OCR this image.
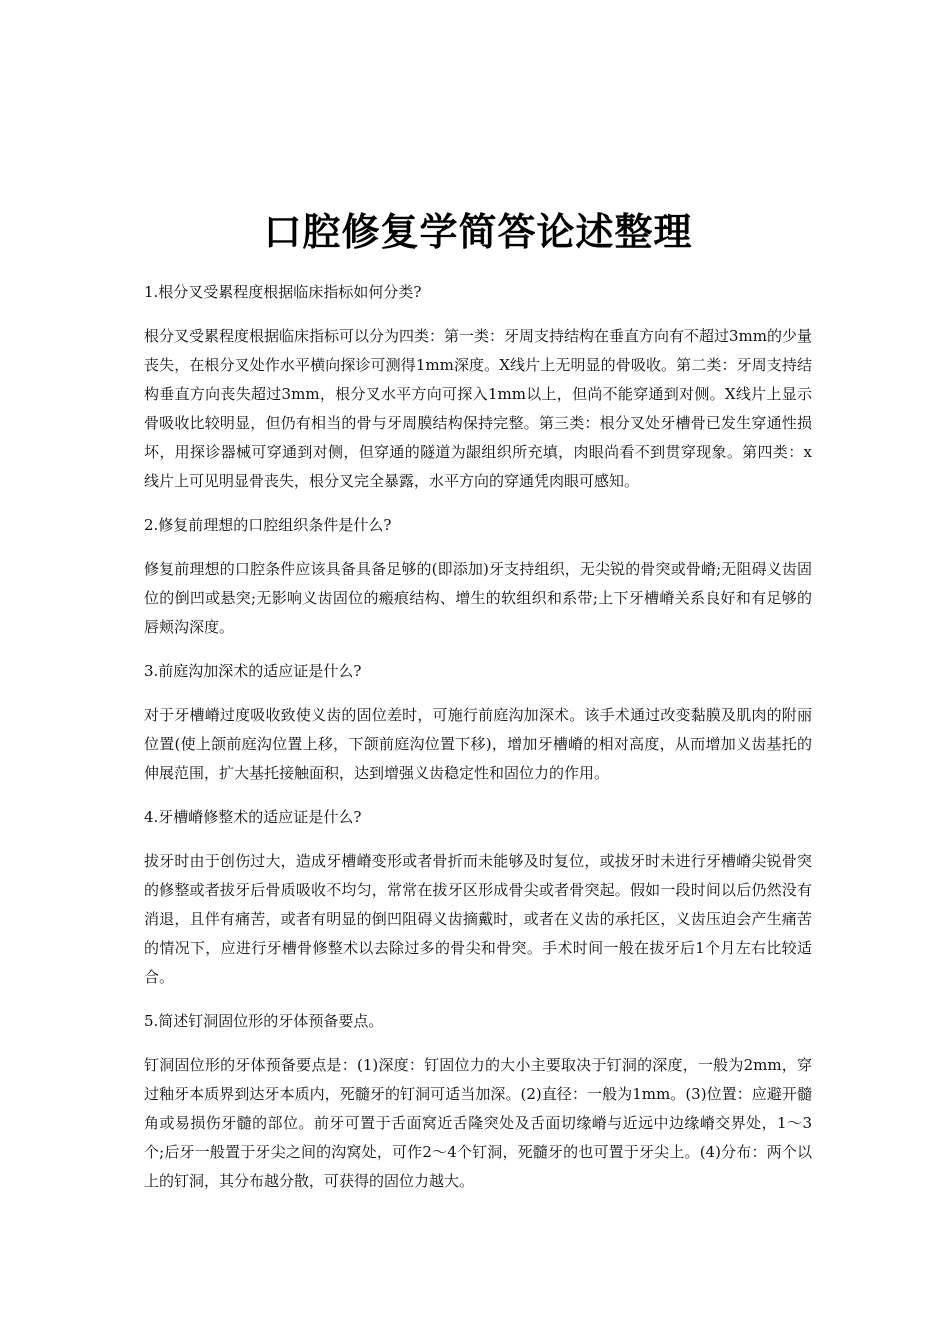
口腔修复学简答论述整理

1.根分叉受累程度根据临床指标如何分类?

根分叉受累程度根据临床指标可以分为四类：第一类：牙周支持结构在垂直方向有不超过3mm的少量丧失，在根分叉处作水平横向探诊可测得1mm深度。X线片上无明显的骨吸收。第二类：牙周支持结构垂直方向丧失超过3mm，根分叉水平方向可探入1mm以上，但尚不能穿通到对侧。X线片上显示骨吸收比较明显，但仍有相当的骨与牙周膜结构保持完整。第三类：根分叉处牙槽骨已发生穿通性损坏，用探诊器械可穿通到对侧，但穿通的隧道为龈组织所充填，肉眼尚看不到贯穿现象。第四类：x线片上可见明显骨丧失，根分叉完全暴露，水平方向的穿通凭肉眼可感知。

2.修复前理想的口腔组织条件是什么?

修复前理想的口腔条件应该具备具备足够的(即添加)牙支持组织，无尖锐的骨突或骨嵴;无阻碍义齿固位的倒凹或悬突;无影响义齿固位的瘢痕结构、增生的软组织和系带;上下牙槽嵴关系良好和有足够的唇颊沟深度。

3.前庭沟加深术的适应证是什么?

对于牙槽嵴过度吸收致使义齿的固位差时，可施行前庭沟加深术。该手术通过改变黏膜及肌肉的附丽位置(使上颌前庭沟位置上移，下颌前庭沟位置下移)，增加牙槽嵴的相对高度，从而增加义齿基托的伸展范围，扩大基托接触面积，达到增强义齿稳定性和固位力的作用。

4.牙槽嵴修整术的适应证是什么?

拔牙时由于创伤过大，造成牙槽嵴变形或者骨折而未能够及时复位，或拔牙时未进行牙槽嵴尖锐骨突的修整或者拔牙后骨质吸收不均匀，常常在拔牙区形成骨尖或者骨突起。假如一段时间以后仍然没有消退，且伴有痛苦，或者有明显的倒凹阻碍义齿摘戴时，或者在义齿的承托区，义齿压迫会产生痛苦的情况下，应进行牙槽骨修整术以去除过多的骨尖和骨突。手术时间一般在拔牙后1个月左右比较适合。

5.简述钉洞固位形的牙体预备要点。

钉洞固位形的牙体预备要点是：(1)深度：钉固位力的大小主要取决于钉洞的深度，一般为2mm，穿过釉牙本质界到达牙本质内，死髓牙的钉洞可适当加深。(2)直径：一般为1mm。(3)位置：应避开髓角或易损伤牙髓的部位。前牙可置于舌面窝近舌隆突处及舌面切缘嵴与近远中边缘嵴交界处，1～3个;后牙一般置于牙尖之间的沟窝处，可作2～4个钉洞，死髓牙的也可置于牙尖上。(4)分布：两个以上的钉洞，其分布越分散，可获得的固位力越大。
